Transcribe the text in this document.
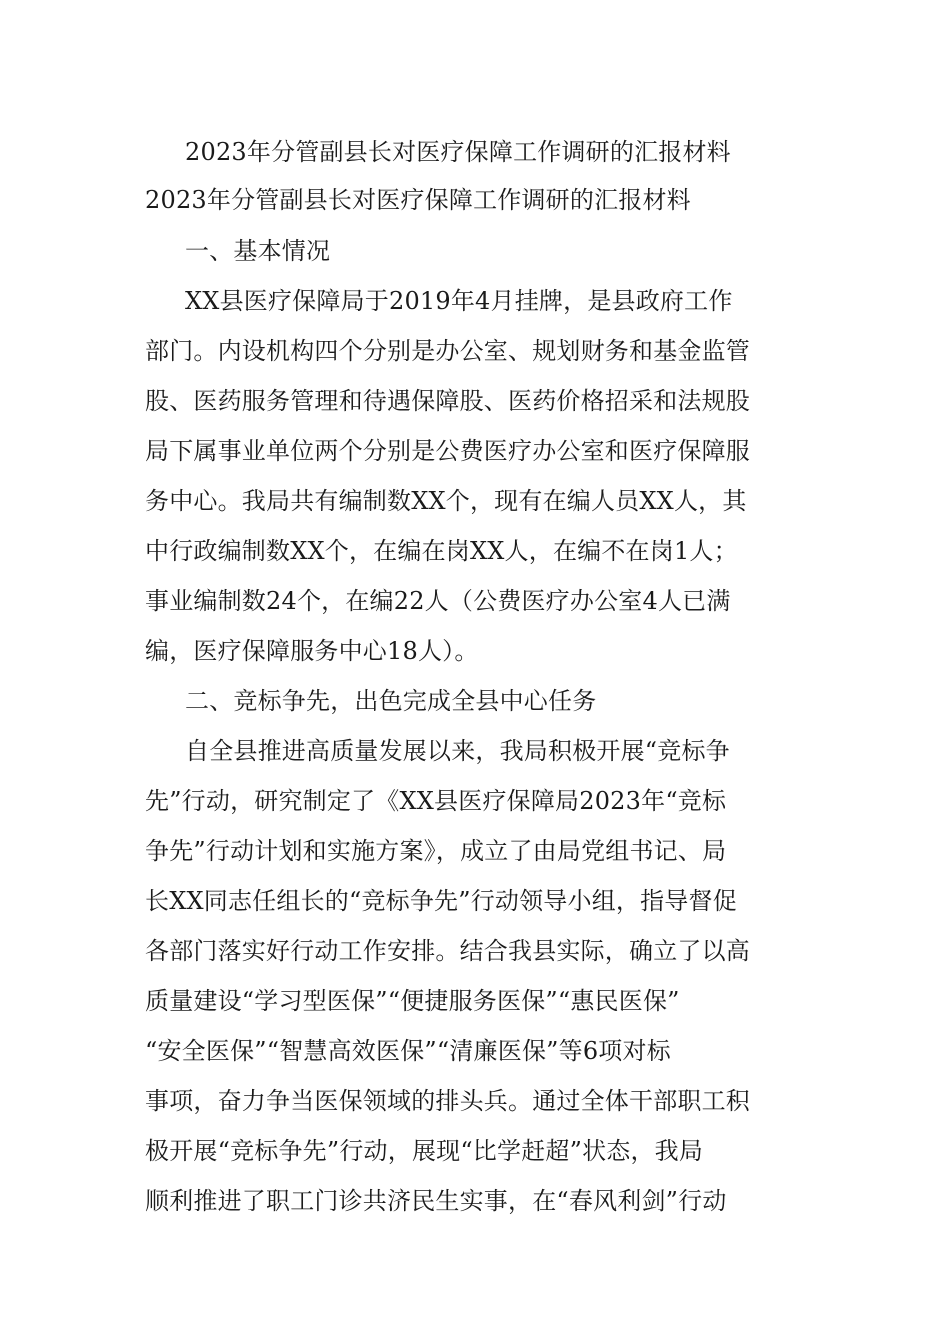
2023年分管副县长对医疗保障工作调研的汇报材料
2023年分管副县长对医疗保障工作调研的汇报材料
一、基本情况
XX县医疗保障局于2019年4月挂牌，是县政府工作
部门。内设机构四个分别是办公室、规划财务和基金监管
股、医药服务管理和待遇保障股、医药价格招采和法规股
局下属事业单位两个分别是公费医疗办公室和医疗保障服
务中心。我局共有编制数XX个，现有在编人员XX人，其
中行政编制数XX个，在编在岗XX人，在编不在岗1人；
事业编制数24个，在编22人（公费医疗办公室4人已满
编，医疗保障服务中心18人）。
二、竞标争先，出色完成全县中心任务
自全县推进高质量发展以来，我局积极开展“竞标争
先”行动，研究制定了《XX县医疗保障局2023年“竞标
争先”行动计划和实施方案》，成立了由局党组书记、局
长XX同志任组长的“竞标争先”行动领导小组，指导督促
各部门落实好行动工作安排。结合我县实际，确立了以高
质量建设“学习型医保”“便捷服务医保”“惠民医保”
“安全医保”“智慧高效医保”“清廉医保”等6项对标
事项，奋力争当医保领域的排头兵。通过全体干部职工积
极开展“竞标争先”行动，展现“比学赶超”状态，我局
顺利推进了职工门诊共济民生实事，在“春风利剑”行动
